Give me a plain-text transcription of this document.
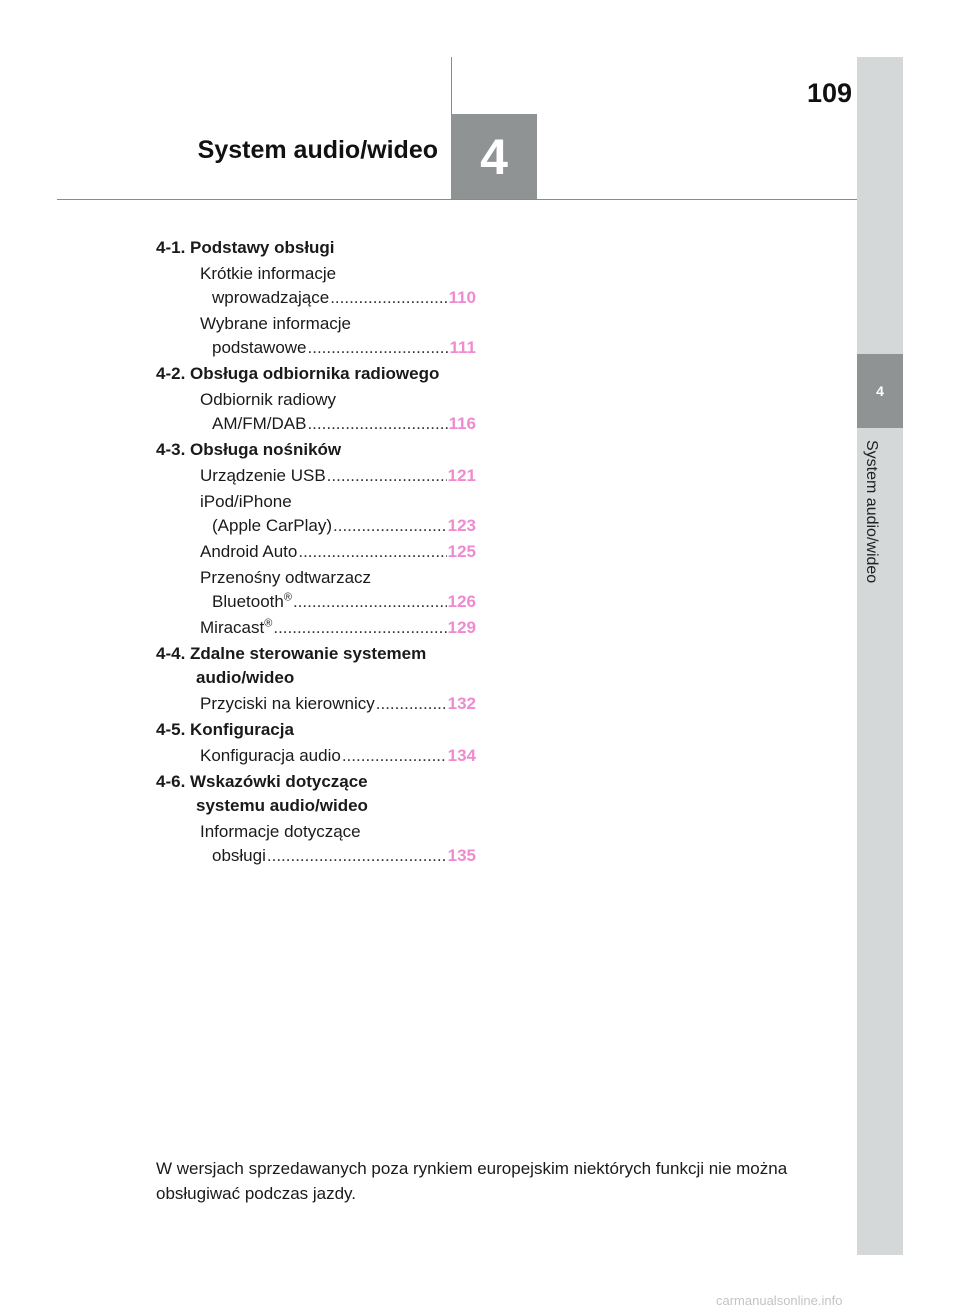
109
System audio/wideo 4
4
System audio/wideo
4-1. Podstawy obsługi
Krótkie informacje
wprowadzające .....	110
Wybrane informacje
podstawowe .....	111
4-2. Obsługa odbiornika radiowego
Odbiornik radiowy
AM/FM/DAB .....	116
4-3. Obsługa nośników
Urządzenie USB .....	121
iPod/iPhone
(Apple CarPlay) .....	123
Android Auto .....	125
Przenośny odtwarzacz
Bluetooth® .....	126
Miracast® .....	129
4-4. Zdalne sterowanie systemem
audio/wideo
Przyciski na kierownicy .....	132
4-5. Konfiguracja
Konfiguracja audio .....	134
4-6. Wskazówki dotyczące
systemu audio/wideo
Informacje dotyczące
obsługi .....	135
W wersjach sprzedawanych poza rynkiem europejskim niektórych funkcji nie można obsługiwać podczas jazdy.
carmanualsonline.info
